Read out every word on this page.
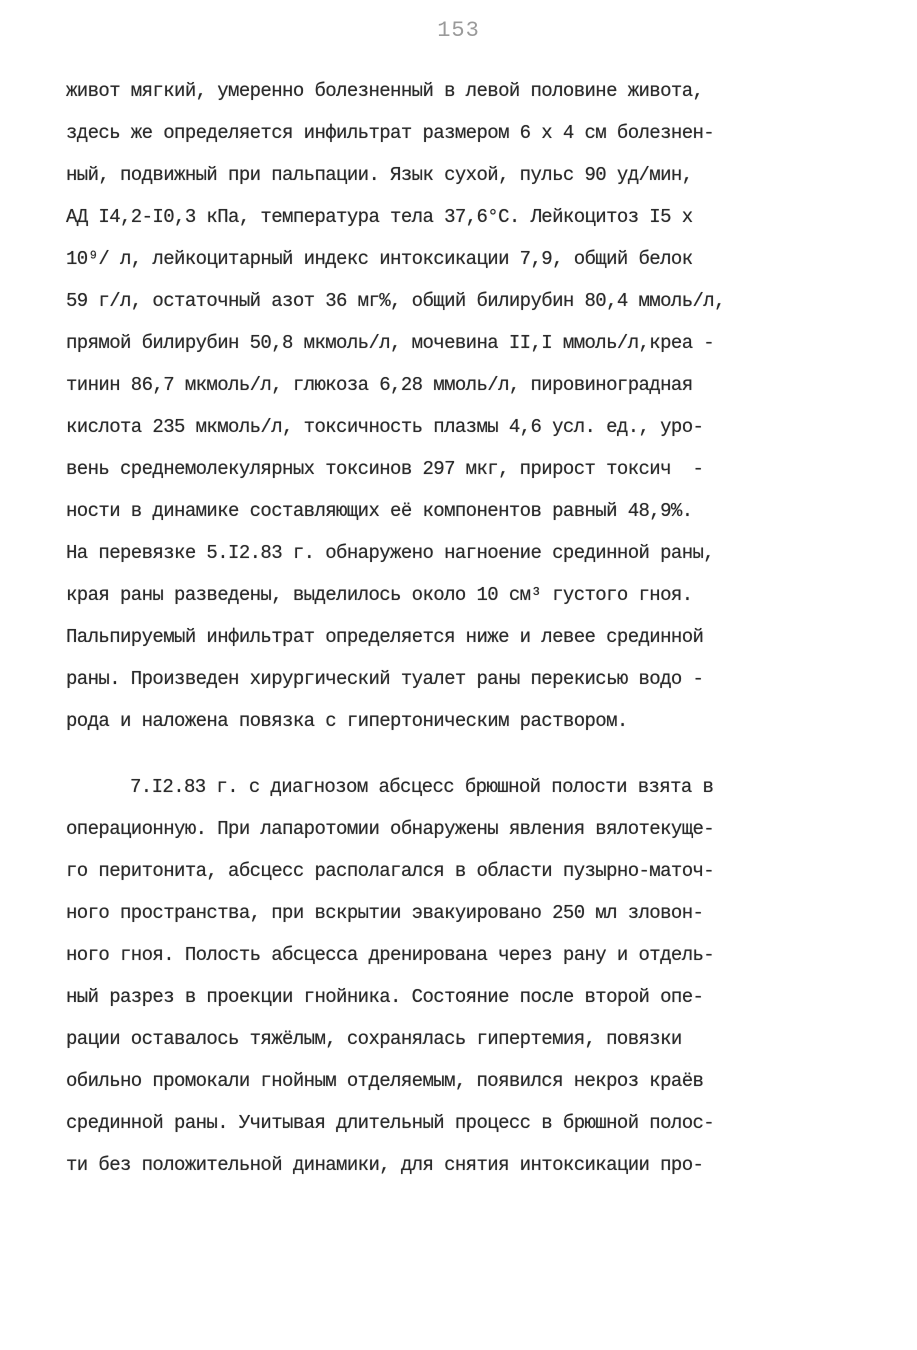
153

живот мягкий, умеренно болезненный в левой половине живота,
здесь же определяется инфильтрат размером 6 х 4 см болезнен-
ный, подвижный при пальпации. Язык сухой, пульс 90 уд/мин,
АД I4,2-I0,3 кПа, температура тела 37,6°С. Лейкоцитоз I5 х
10⁹/ л, лейкоцитарный индекс интоксикации 7,9, общий белок
59 г/л, остаточный азот 36 мг%, общий билирубин 80,4 ммоль/л,
прямой билирубин 50,8 мкмоль/л, мочевина II,I ммоль/л,креа -
тинин 86,7 мкмоль/л, глюкоза 6,28 ммоль/л, пировиноградная
кислота 235 мкмоль/л, токсичность плазмы 4,6 усл. ед., уро-
вень среднемолекулярных токсинов 297 мкг, прирост токсич  -
ности в динамике составляющих её компонентов равный 48,9%.
На перевязке 5.I2.83 г. обнаружено нагноение срединной раны,
края раны разведены, выделилось около 10 см³ густого гноя.
Пальпируемый инфильтрат определяется ниже и левее срединной
раны. Произведен хирургический туалет раны перекисью водо -
рода и наложена повязка с гипертоническим раствором.

7.I2.83 г. с диагнозом абсцесс брюшной полости взята в
операционную. При лапаротомии обнаружены явления вялотекуще-
го перитонита, абсцесс располагался в области пузырно-маточ-
ного пространства, при вскрытии эвакуировано 250 мл зловон-
ного гноя. Полость абсцесса дренирована через рану и отдель-
ный разрез в проекции гнойника. Состояние после второй опе-
рации оставалось тяжёлым, сохранялась гипертемия, повязки
обильно промокали гнойным отделяемым, появился некроз краёв
срединной раны. Учитывая длительный процесс в брюшной полос-
ти без положительной динамики, для снятия интоксикации про-
